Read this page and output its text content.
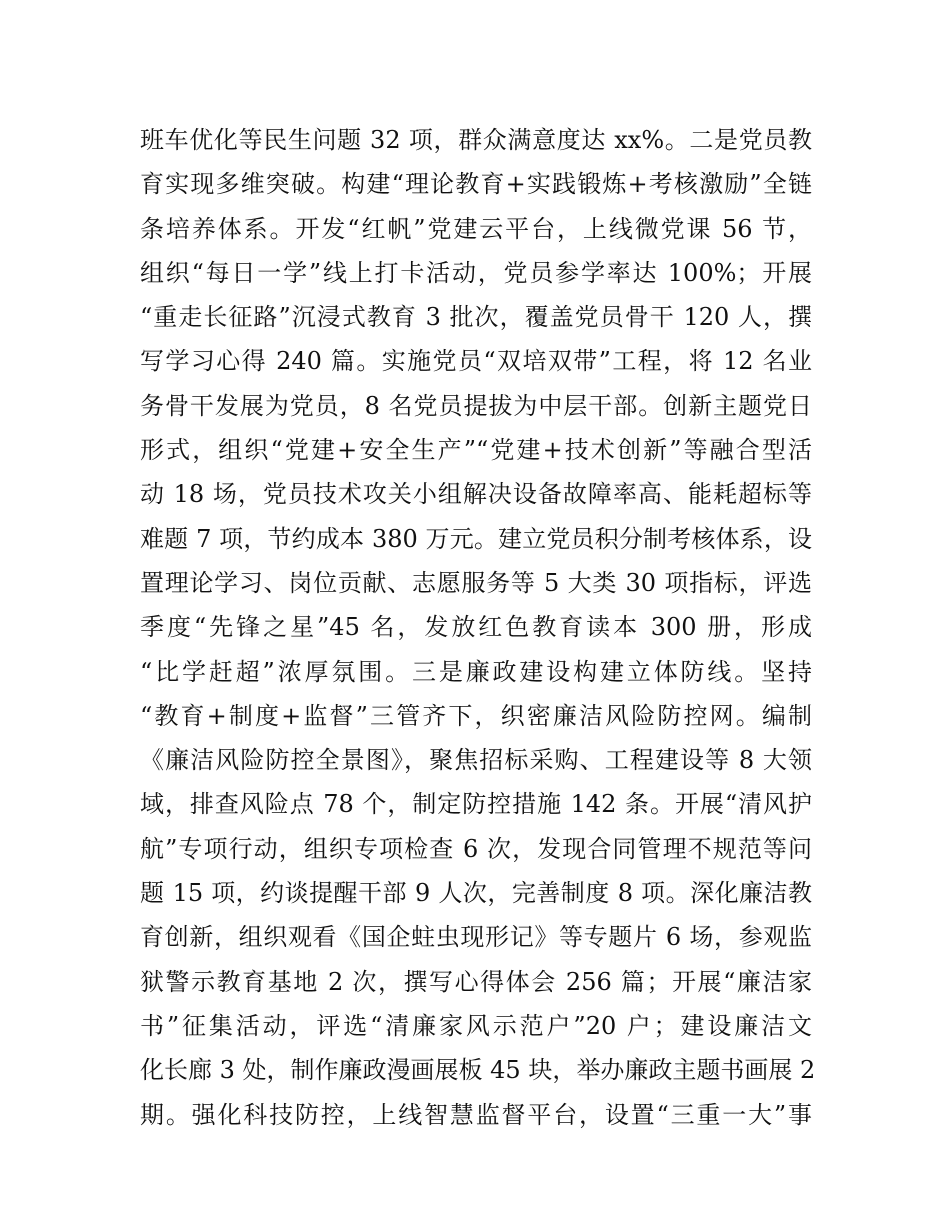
班车优化等民生问题 32 项，群众满意度达 xx%。二是党员教
育实现多维突破。构建“理论教育+实践锻炼+考核激励”全链
条培养体系。开发“红帆”党建云平台，上线微党课 56 节，
组织“每日一学”线上打卡活动，党员参学率达 100%；开展
“重走长征路”沉浸式教育 3 批次，覆盖党员骨干 120 人，撰
写学习心得 240 篇。实施党员“双培双带”工程，将 12 名业
务骨干发展为党员，8 名党员提拔为中层干部。创新主题党日
形式，组织“党建+安全生产”“党建+技术创新”等融合型活
动 18 场，党员技术攻关小组解决设备故障率高、能耗超标等
难题 7 项，节约成本 380 万元。建立党员积分制考核体系，设
置理论学习、岗位贡献、志愿服务等 5 大类 30 项指标，评选
季度“先锋之星”45 名，发放红色教育读本 300 册，形成
“比学赶超”浓厚氛围。三是廉政建设构建立体防线。坚持
“教育+制度+监督”三管齐下，织密廉洁风险防控网。编制
《廉洁风险防控全景图》，聚焦招标采购、工程建设等 8 大领
域，排查风险点 78 个，制定防控措施 142 条。开展“清风护
航”专项行动，组织专项检查 6 次，发现合同管理不规范等问
题 15 项，约谈提醒干部 9 人次，完善制度 8 项。深化廉洁教
育创新，组织观看《国企蛀虫现形记》等专题片 6 场，参观监
狱警示教育基地 2 次，撰写心得体会 256 篇；开展“廉洁家
书”征集活动，评选“清廉家风示范户”20 户；建设廉洁文
化长廊 3 处，制作廉政漫画展板 45 块，举办廉政主题书画展 2
期。强化科技防控，上线智慧监督平台，设置“三重一大”事
